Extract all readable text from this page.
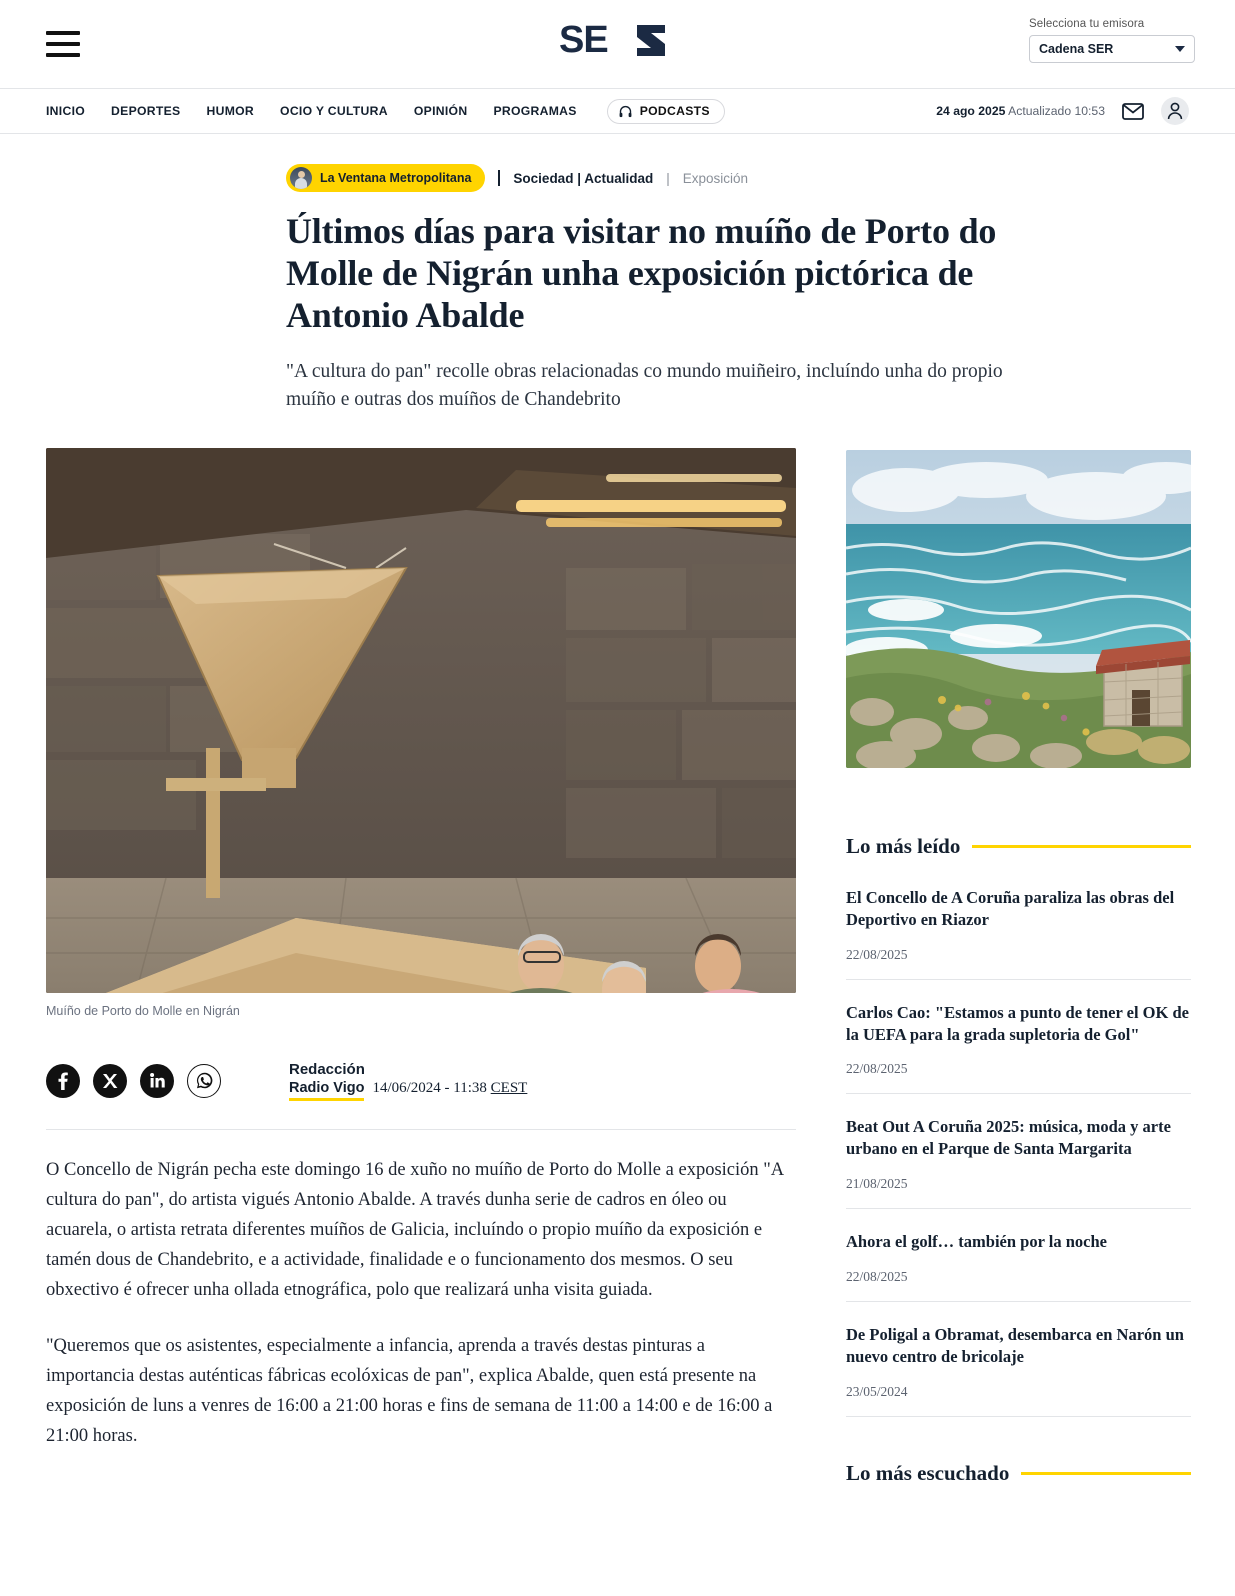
SE	Selecciona tu emisora
Cadena SER
INICIO DEPORTES HUMOR OCIO Y CULTURA OPINIÓN PROGRAMAS	PODCASTS	24 ago 2025 Actualizado 10:53
La Ventana Metropolitana	Sociedad | Actualidad | Exposición
Últimos días para visitar no muíño de Porto do Molle de Nigrán unha exposición pictórica de Antonio Abalde

"A cultura do pan" recolle obras relacionadas co mundo muiñeiro, incluíndo unha do propio muíño e outras dos muíños de Chandebrito

Muíño de Porto do Molle en Nigrán

Redacción
Radio Vigo 14/06/2024 - 11:38 CEST

O Concello de Nigrán pecha este domingo 16 de xuño no muíño de Porto do Molle a exposición "A cultura do pan", do artista vigués Antonio Abalde. A través dunha serie de cadros en óleo ou acuarela, o artista retrata diferentes muíños de Galicia, incluíndo o propio muíño da exposición e tamén dous de Chandebrito, e a actividade, finalidade e o funcionamento dos mesmos. O seu obxectivo é ofrecer unha ollada etnográfica, polo que realizará unha visita guiada.

"Queremos que os asistentes, especialmente a infancia, aprenda a través destas pinturas a importancia destas auténticas fábricas ecolóxicas de pan", explica Abalde, quen está presente na exposición de luns a venres de 16:00 a 21:00 horas e fins de semana de 11:00 a 14:00 e de 16:00 a 21:00 horas.

Lo más leído

El Concello de A Coruña paraliza las obras del Deportivo en Riazor

22/08/2025

Carlos Cao: "Estamos a punto de tener el OK de la UEFA para la grada supletoria de Gol"

22/08/2025

Beat Out A Coruña 2025: música, moda y arte urbano en el Parque de Santa Margarita

21/08/2025

Ahora el golf… también por la noche

22/08/2025

De Poligal a Obramat, desembarca en Narón un nuevo centro de bricolaje

23/05/2024
Lo más escuchado
